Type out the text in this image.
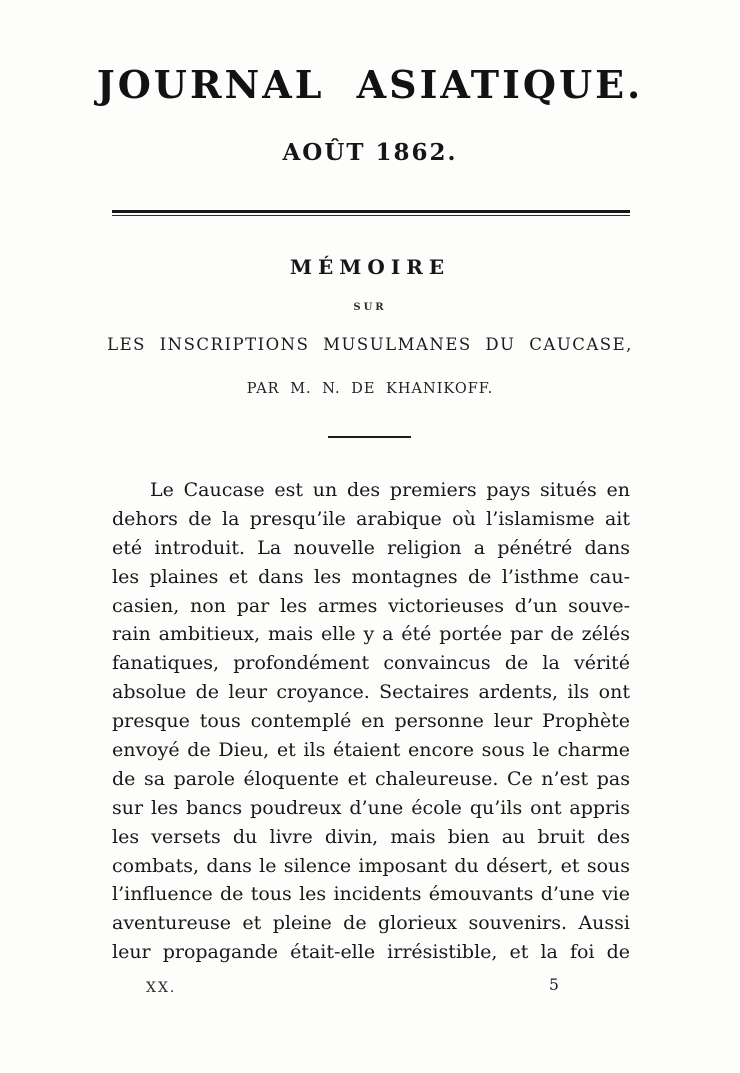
JOURNAL ASIATIQUE.
AOÛT 1862.
MÉMOIRE
SUR
LES INSCRIPTIONS MUSULMANES DU CAUCASE,
PAR M. N. DE KHANIKOFF.
Le Caucase est un des premiers pays situés en
dehors de la presqu’ile arabique où l’islamisme ait
eté introduit. La nouvelle religion a pénétré dans
les plaines et dans les montagnes de l’isthme cau-
casien, non par les armes victorieuses d’un souve-
rain ambitieux, mais elle y a été portée par de zélés
fanatiques, profondément convaincus de la vérité
absolue de leur croyance. Sectaires ardents, ils ont
presque tous contemplé en personne leur Prophète
envoyé de Dieu, et ils étaient encore sous le charme
de sa parole éloquente et chaleureuse. Ce n’est pas
sur les bancs poudreux d’une école qu’ils ont appris
les versets du livre divin, mais bien au bruit des
combats, dans le silence imposant du désert, et sous
l’influence de tous les incidents émouvants d’une vie
aventureuse et pleine de glorieux souvenirs. Aussi
leur propagande était-elle irrésistible, et la foi de
XX.	5
